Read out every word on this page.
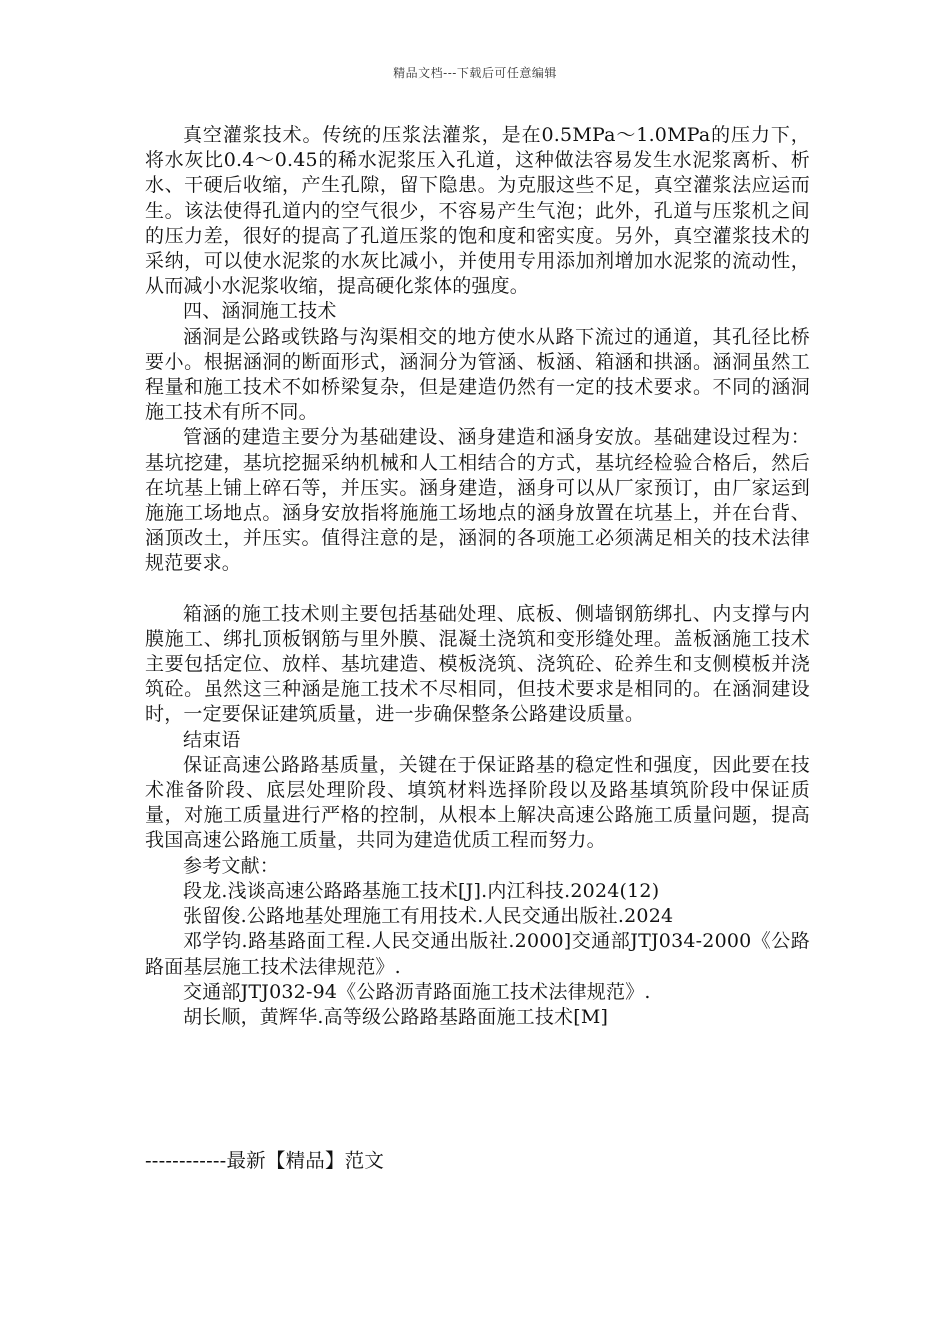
精品文档---下载后可任意编辑

真空灌浆技术。传统的压浆法灌浆，是在0.5MPa～1.0MPa的压力下，将水灰比0.4～0.45的稀水泥浆压入孔道，这种做法容易发生水泥浆离析、析水、干硬后收缩，产生孔隙，留下隐患。为克服这些不足，真空灌浆法应运而生。该法使得孔道内的空气很少，不容易产生气泡；此外，孔道与压浆机之间的压力差，很好的提高了孔道压浆的饱和度和密实度。另外，真空灌浆技术的采纳，可以使水泥浆的水灰比减小，并使用专用添加剂增加水泥浆的流动性，从而减小水泥浆收缩，提高硬化浆体的强度。

四、涵洞施工技术

涵洞是公路或铁路与沟渠相交的地方使水从路下流过的通道，其孔径比桥要小。根据涵洞的断面形式，涵洞分为管涵、板涵、箱涵和拱涵。涵洞虽然工程量和施工技术不如桥梁复杂，但是建造仍然有一定的技术要求。不同的涵洞施工技术有所不同。

管涵的建造主要分为基础建设、涵身建造和涵身安放。基础建设过程为：基坑挖建，基坑挖掘采纳机械和人工相结合的方式，基坑经检验合格后，然后在坑基上铺上碎石等，并压实。涵身建造，涵身可以从厂家预订，由厂家运到施施工场地点。涵身安放指将施施工场地点的涵身放置在坑基上，并在台背、涵顶改土，并压实。值得注意的是，涵洞的各项施工必须满足相关的技术法律规范要求。

箱涵的施工技术则主要包括基础处理、底板、侧墙钢筋绑扎、内支撑与内膜施工、绑扎顶板钢筋与里外膜、混凝土浇筑和变形缝处理。盖板涵施工技术主要包括定位、放样、基坑建造、模板浇筑、浇筑砼、砼养生和支侧模板并浇筑砼。虽然这三种涵是施工技术不尽相同，但技术要求是相同的。在涵洞建设时，一定要保证建筑质量，进一步确保整条公路建设质量。

结束语

保证高速公路路基质量，关键在于保证路基的稳定性和强度，因此要在技术准备阶段、底层处理阶段、填筑材料选择阶段以及路基填筑阶段中保证质量，对施工质量进行严格的控制，从根本上解决高速公路施工质量问题，提高我国高速公路施工质量，共同为建造优质工程而努力。

参考文献：

段龙.浅谈高速公路路基施工技术[J].内江科技.2024(12)

张留俊.公路地基处理施工有用技术.人民交通出版社.2024

邓学钧.路基路面工程.人民交通出版社.2000]交通部JTJ034-2000《公路路面基层施工技术法律规范》.

交通部JTJ032-94《公路沥青路面施工技术法律规范》.

胡长顺，黄辉华.高等级公路路基路面施工技术[M]

------------最新【精品】范文
